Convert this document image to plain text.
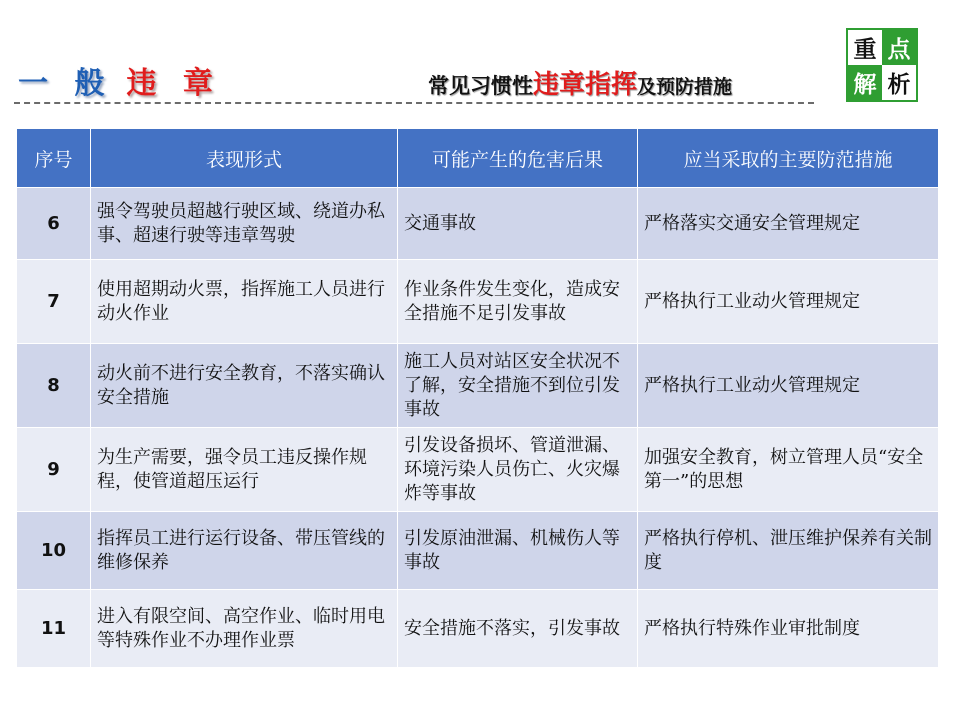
一 般 违 章	常见习惯性违章指挥及预防措施
重 点
解 析
序号	表现形式	可能产生的危害后果	应当采取的主要防范措施
6	强令驾驶员超越行驶区域、绕道办私事、超速行驶等违章驾驶	交通事故	严格落实交通安全管理规定
7	使用超期动火票，指挥施工人员进行动火作业	作业条件发生变化，造成安全措施不足引发事故	严格执行工业动火管理规定
8	动火前不进行安全教育，不落实确认安全措施	施工人员对站区安全状况不了解，安全措施不到位引发事故	严格执行工业动火管理规定
9	为生产需要，强令员工违反操作规程，使管道超压运行	引发设备损坏、管道泄漏、环境污染人员伤亡、火灾爆炸等事故	加强安全教育，树立管理人员“安全第一”的思想
10	指挥员工进行运行设备、带压管线的维修保养	引发原油泄漏、机械伤人等事故	严格执行停机、泄压维护保养有关制度
11	进入有限空间、高空作业、临时用电等特殊作业不办理作业票	安全措施不落实，引发事故	严格执行特殊作业审批制度
